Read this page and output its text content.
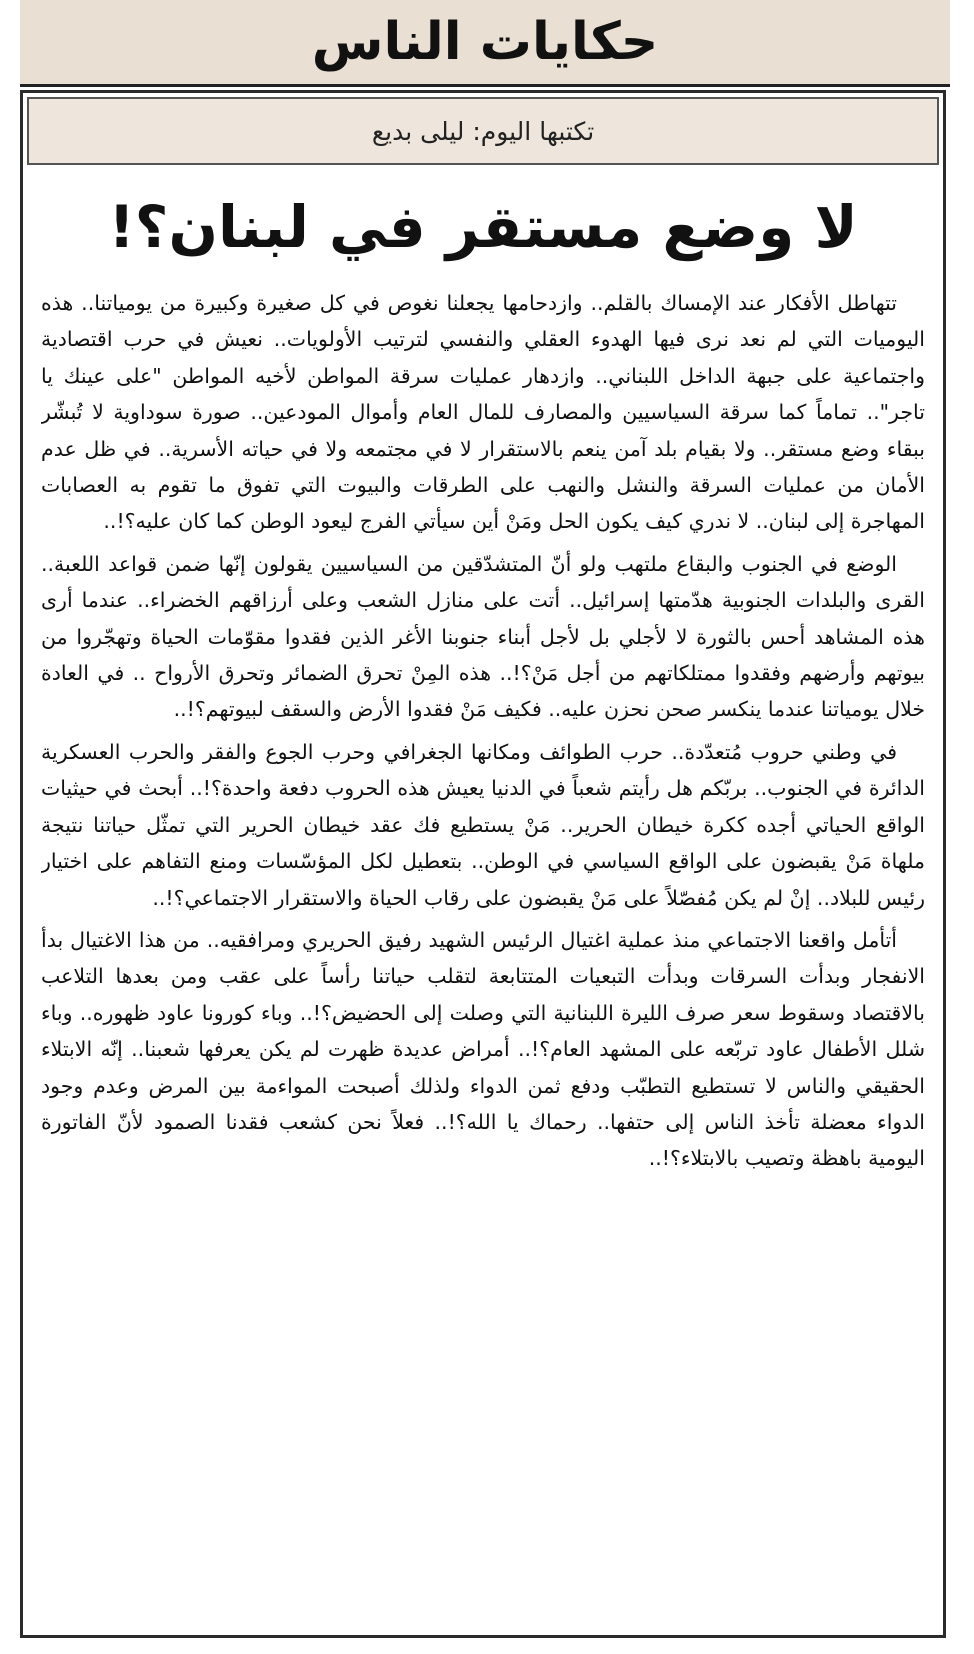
حكايات الناس
تكتبها اليوم: ليلى بديع
لا وضع مستقر في لبنان؟!

تتهاطل الأفكار عند الإمساك بالقلم.. وازدحامها يجعلنا نغوص في كل صغيرة وكبيرة من يومياتنا.. هذه اليوميات التي لم نعد نرى فيها الهدوء العقلي والنفسي لترتيب الأولويات.. نعيش في حرب اقتصادية واجتماعية على جبهة الداخل اللبناني.. وازدهار عمليات سرقة المواطن لأخيه المواطن "على عينك يا تاجر".. تماماً كما سرقة السياسيين والمصارف للمال العام وأموال المودعين.. صورة سوداوية لا تُبشّر ببقاء وضع مستقر.. ولا بقيام بلد آمن ينعم بالاستقرار لا في مجتمعه ولا في حياته الأسرية.. في ظل عدم الأمان من عمليات السرقة والنشل والنهب على الطرقات والبيوت التي تفوق ما تقوم به العصابات المهاجرة إلى لبنان.. لا ندري كيف يكون الحل ومَنْ أين سيأتي الفرج ليعود الوطن كما كان عليه؟!..

الوضع في الجنوب والبقاع ملتهب ولو أنّ المتشدّقين من السياسيين يقولون إنّها ضمن قواعد اللعبة.. القرى والبلدات الجنوبية هدّمتها إسرائيل.. أتت على منازل الشعب وعلى أرزاقهم الخضراء.. عندما أرى هذه المشاهد أحس بالثورة لا لأجلي بل لأجل أبناء جنوبنا الأغر الذين فقدوا مقوّمات الحياة وتهجّروا من بيوتهم وأرضهم وفقدوا ممتلكاتهم من أجل مَنْ؟!.. هذه المِنْ تحرق الضمائر وتحرق الأرواح .. في العادة خلال يومياتنا عندما ينكسر صحن نحزن عليه.. فكيف مَنْ فقدوا الأرض والسقف لبيوتهم؟!..

في وطني حروب مُتعدّدة.. حرب الطوائف ومكانها الجغرافي وحرب الجوع والفقر والحرب العسكرية الدائرة في الجنوب.. بربّكم هل رأيتم شعباً في الدنيا يعيش هذه الحروب دفعة واحدة؟!.. أبحث في حيثيات الواقع الحياتي أجده ككرة خيطان الحرير.. مَنْ يستطيع فك عقد خيطان الحرير التي تمثّل حياتنا نتيجة ملهاة مَنْ يقبضون على الواقع السياسي في الوطن.. بتعطيل لكل المؤسّسات ومنع التفاهم على اختيار رئيس للبلاد.. إنْ لم يكن مُفصّلاً على مَنْ يقبضون على رقاب الحياة والاستقرار الاجتماعي؟!..

أتأمل واقعنا الاجتماعي منذ عملية اغتيال الرئيس الشهيد رفيق الحريري ومرافقيه.. من هذا الاغتيال بدأ الانفجار وبدأت السرقات وبدأت التبعيات المتتابعة لتقلب حياتنا رأساً على عقب ومن بعدها التلاعب بالاقتصاد وسقوط سعر صرف الليرة اللبنانية التي وصلت إلى الحضيض؟!.. وباء كورونا عاود ظهوره.. وباء شلل الأطفال عاود تربّعه على المشهد العام؟!.. أمراض عديدة ظهرت لم يكن يعرفها شعبنا.. إنّه الابتلاء الحقيقي والناس لا تستطيع التطبّب ودفع ثمن الدواء ولذلك أصبحت المواءمة بين المرض وعدم وجود الدواء معضلة تأخذ الناس إلى حتفها.. رحماك يا الله؟!.. فعلاً نحن كشعب فقدنا الصمود لأنّ الفاتورة اليومية باهظة وتصيب بالابتلاء؟!..
